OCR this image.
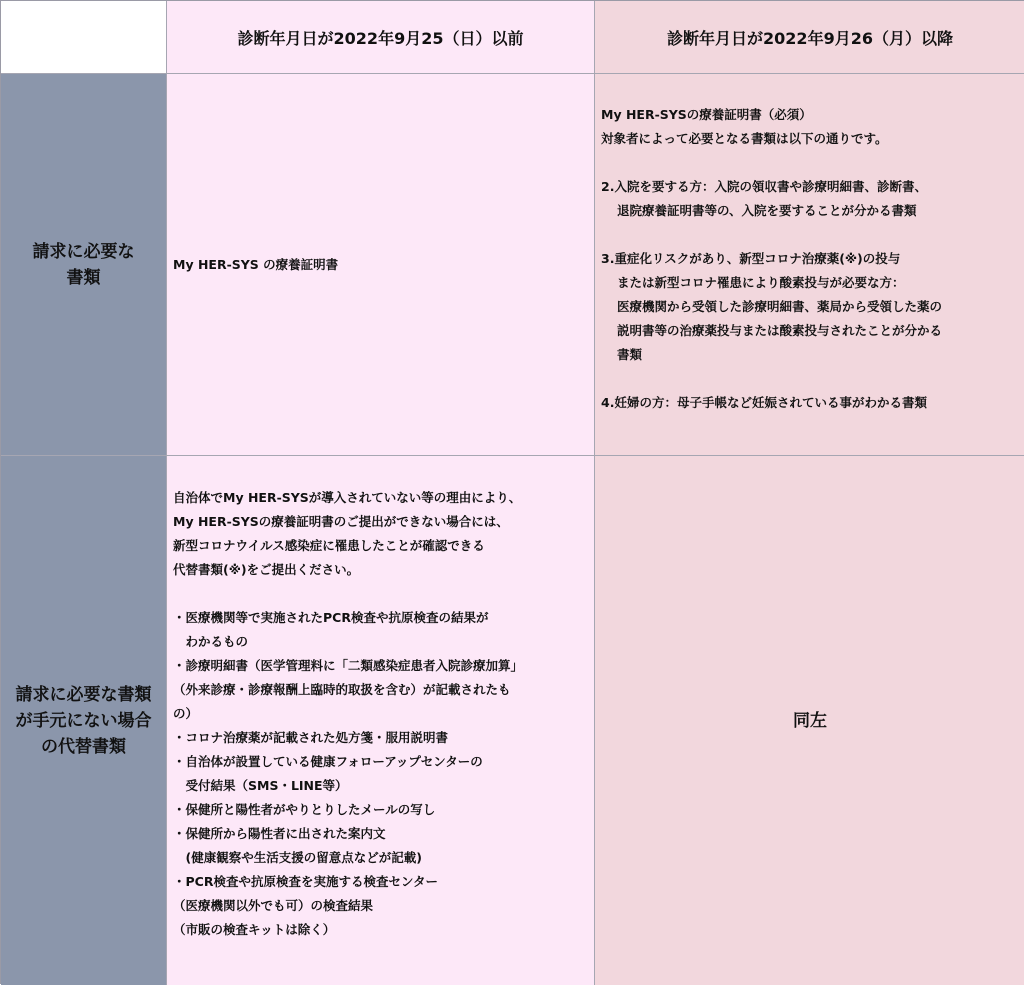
診断年月日が2022年9月25（日）以前	診断年月日が2022年9月26（月）以降
請求に必要な
書類
My HER-SYS の療養証明書
My HER-SYSの療養証明書（必須）
対象者によって必要となる書類は以下の通りです。
2.入院を要する方：入院の領収書や診療明細書、診断書、
退院療養証明書等の、入院を要することが分かる書類
3.重症化リスクがあり、新型コロナ治療薬(※)の投与
または新型コロナ罹患により酸素投与が必要な方：
医療機関から受領した診療明細書、薬局から受領した薬の
説明書等の治療薬投与または酸素投与されたことが分かる
書類
4.妊婦の方：母子手帳など妊娠されている事がわかる書類
請求に必要な書類
が手元にない場合
の代替書類
自治体でMy HER-SYSが導入されていない等の理由により、
My HER-SYSの療養証明書のご提出ができない場合には、
新型コロナウイルス感染症に罹患したことが確認できる
代替書類(※)をご提出ください。
・医療機関等で実施されたPCR検査や抗原検査の結果が
　わかるもの
・診療明細書（医学管理料に「二類感染症患者入院診療加算」
（外来診療・診療報酬上臨時的取扱を含む）が記載されたも
の）
・コロナ治療薬が記載された処方箋・服用説明書
・自治体が設置している健康フォローアップセンターの
　受付結果（SMS・LINE等）
・保健所と陽性者がやりとりしたメールの写し
・保健所から陽性者に出された案内文
　(健康観察や生活支援の留意点などが記載)
・PCR検査や抗原検査を実施する検査センター
（医療機関以外でも可）の検査結果
（市販の検査キットは除く）
同左
